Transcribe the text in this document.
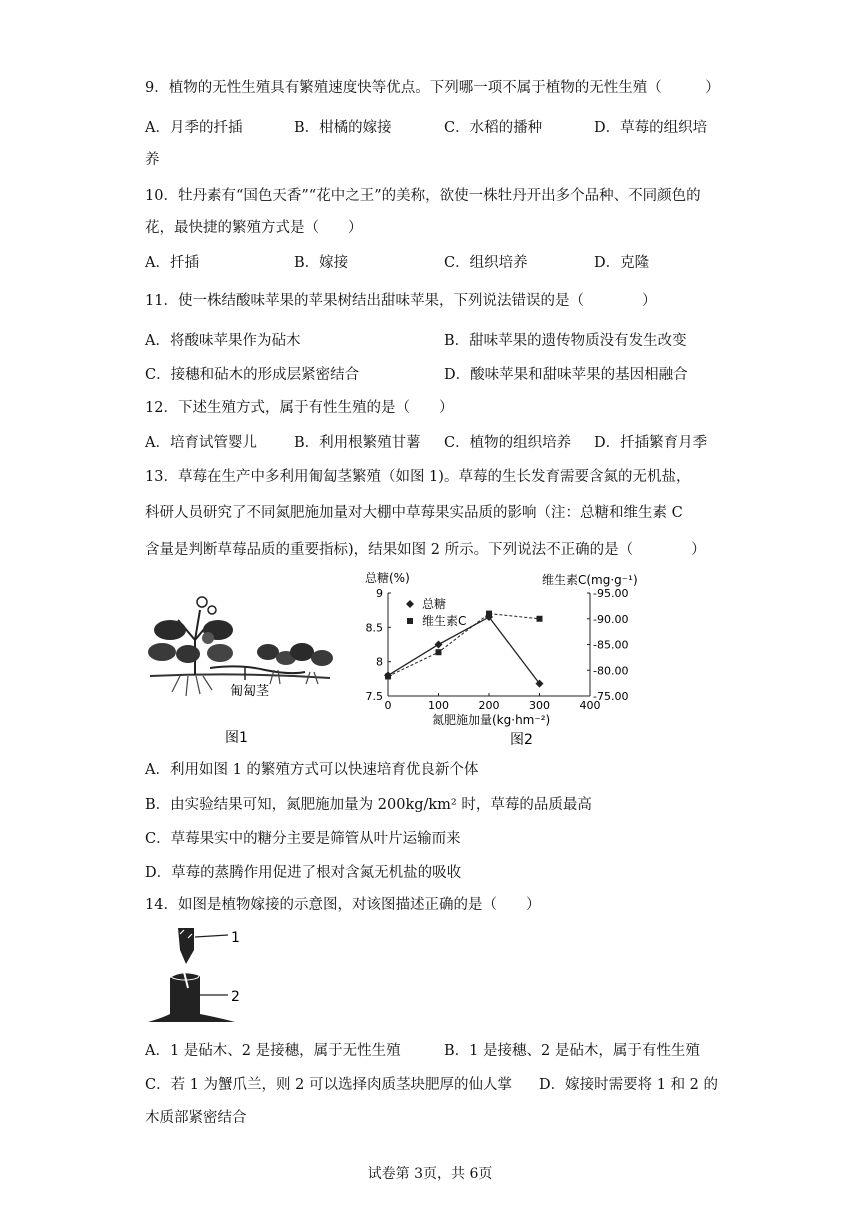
9．植物的无性生殖具有繁殖速度快等优点。下列哪一项不属于植物的无性生殖（　　　）
A．月季的扦插	B．柑橘的嫁接	C．水稻的播种	D．草莓的组织培
养
10．牡丹素有“国色天香”“花中之王”的美称，欲使一株牡丹开出多个品种、不同颜色的
花，最快捷的繁殖方式是（　　）
A．扦插	B．嫁接	C．组织培养	D．克隆
11．使一株结酸味苹果的苹果树结出甜味苹果，下列说法错误的是（　　　　）
A．将酸味苹果作为砧木	B．甜味苹果的遗传物质没有发生改变
C．接穗和砧木的形成层紧密结合	D．酸味苹果和甜味苹果的基因相融合
12．下述生殖方式，属于有性生殖的是（　　）
A．培育试管婴儿	B．利用根繁殖甘薯 C．植物的组织培养 D．扦插繁育月季
13．草莓在生产中多利用匍匐茎繁殖（如图 1)。草莓的生长发育需要含氮的无机盐，
科研人员研究了不同氮肥施加量对大棚中草莓果实品质的影响（注：总糖和维生素 C
含量是判断草莓品质的重要指标)，结果如图 2 所示。下列说法不正确的是（　　　　）
匍匐茎
图1
总糖(%)	维生素C(mg·g⁻¹)
氮肥施加量(kg·hm⁻²)
图2
0	100	200	300	400
7.5
8
8.5
9
-75.00
-80.00
-85.00
-90.00
-95.00
总糖
维生素C
A．利用如图 1 的繁殖方式可以快速培育优良新个体
B．由实验结果可知，氮肥施加量为 200kg/km² 时，草莓的品质最高
C．草莓果实中的糖分主要是筛管从叶片运输而来
D．草莓的蒸腾作用促进了根对含氮无机盐的吸收
14．如图是植物嫁接的示意图，对该图描述正确的是（　　）
1
2
A．1 是砧木、2 是接穗，属于无性生殖	B．1 是接穗、2 是砧木，属于有性生殖
C．若 1 为蟹爪兰，则 2 可以选择肉质茎块肥厚的仙人掌 D．嫁接时需要将 1 和 2 的
木质部紧密结合
试卷第 3页，共 6页
